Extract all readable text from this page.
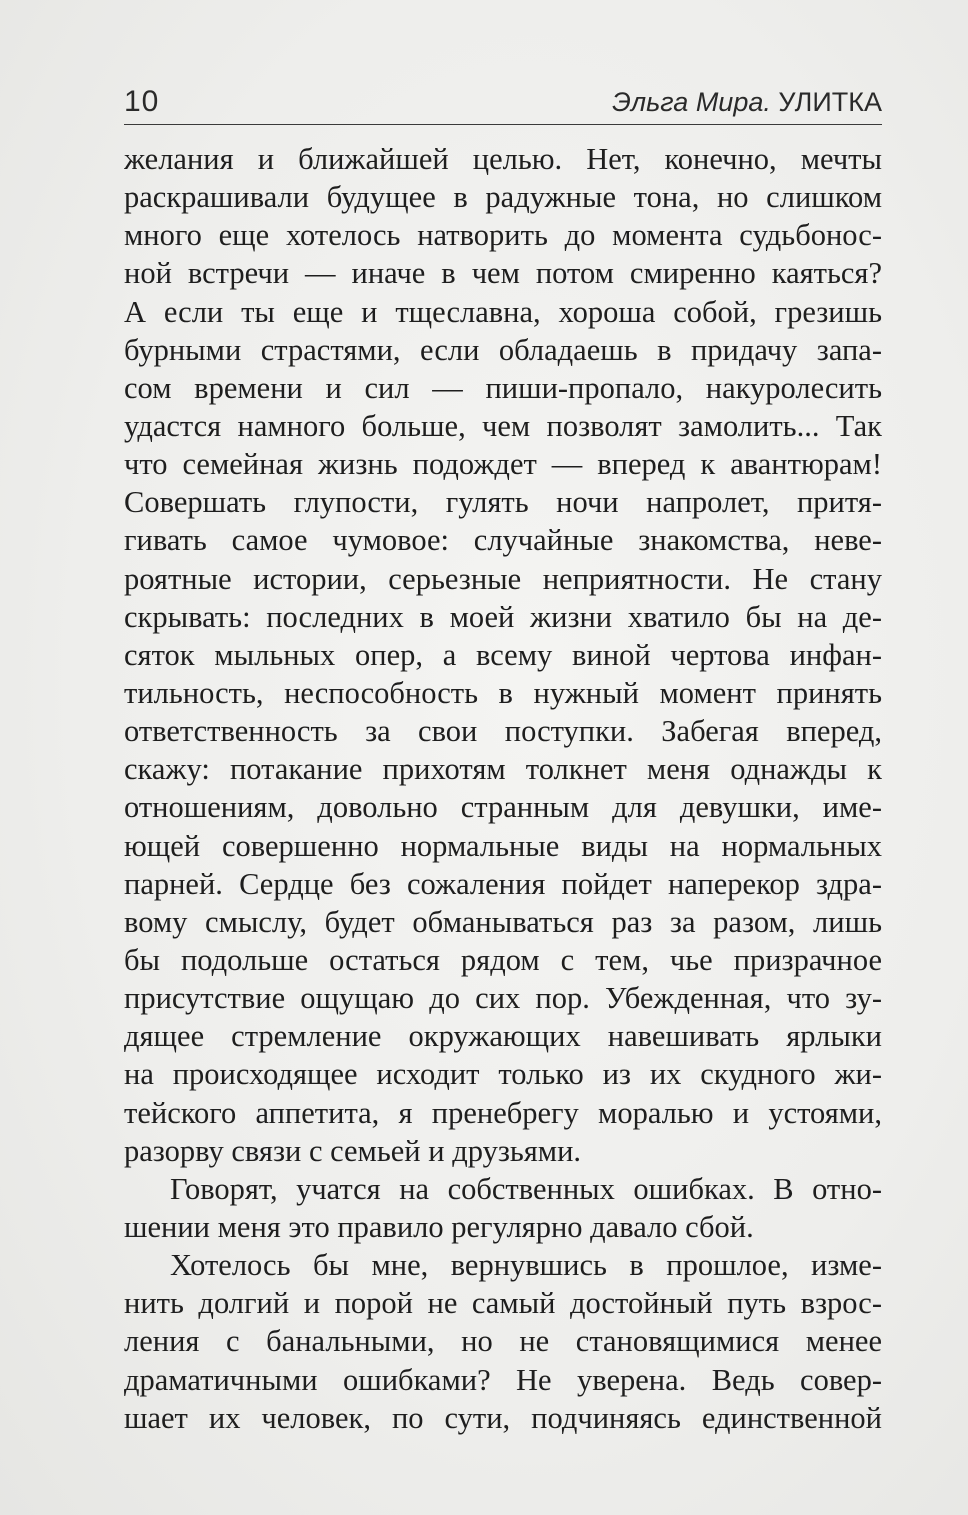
10	Эльга Мира. УЛИТКА
желания и ближайшей целью. Нет, конечно, мечты
раскрашивали будущее в радужные тона, но слишком
много еще хотелось натворить до момента судьбонос-
ной встречи — иначе в чем потом смиренно каяться?
А если ты еще и тщеславна, хороша собой, грезишь
бурными страстями, если обладаешь в придачу запа-
сом времени и сил — пиши-пропало, накуролесить
удастся намного больше, чем позволят замолить... Так
что семейная жизнь подождет — вперед к авантюрам!
Совершать глупости, гулять ночи напролет, притя-
гивать самое чумовое: случайные знакомства, неве-
роятные истории, серьезные неприятности. Не стану
скрывать: последних в моей жизни хватило бы на де-
сяток мыльных опер, а всему виной чертова инфан-
тильность, неспособность в нужный момент принять
ответственность за свои поступки. Забегая вперед,
скажу: потакание прихотям толкнет меня однажды к
отношениям, довольно странным для девушки, име-
ющей совершенно нормальные виды на нормальных
парней. Сердце без сожаления пойдет наперекор здра-
вому смыслу, будет обманываться раз за разом, лишь
бы подольше остаться рядом с тем, чье призрачное
присутствие ощущаю до сих пор. Убежденная, что зу-
дящее стремление окружающих навешивать ярлыки
на происходящее исходит только из их скудного жи-
тейского аппетита, я пренебрегу моралью и устоями,
разорву связи с семьей и друзьями.
Говорят, учатся на собственных ошибках. В отно-
шении меня это правило регулярно давало сбой.
Хотелось бы мне, вернувшись в прошлое, изме-
нить долгий и порой не самый достойный путь взрос-
ления с банальными, но не становящимися менее
драматичными ошибками? Не уверена. Ведь совер-
шает их человек, по сути, подчиняясь единственной
